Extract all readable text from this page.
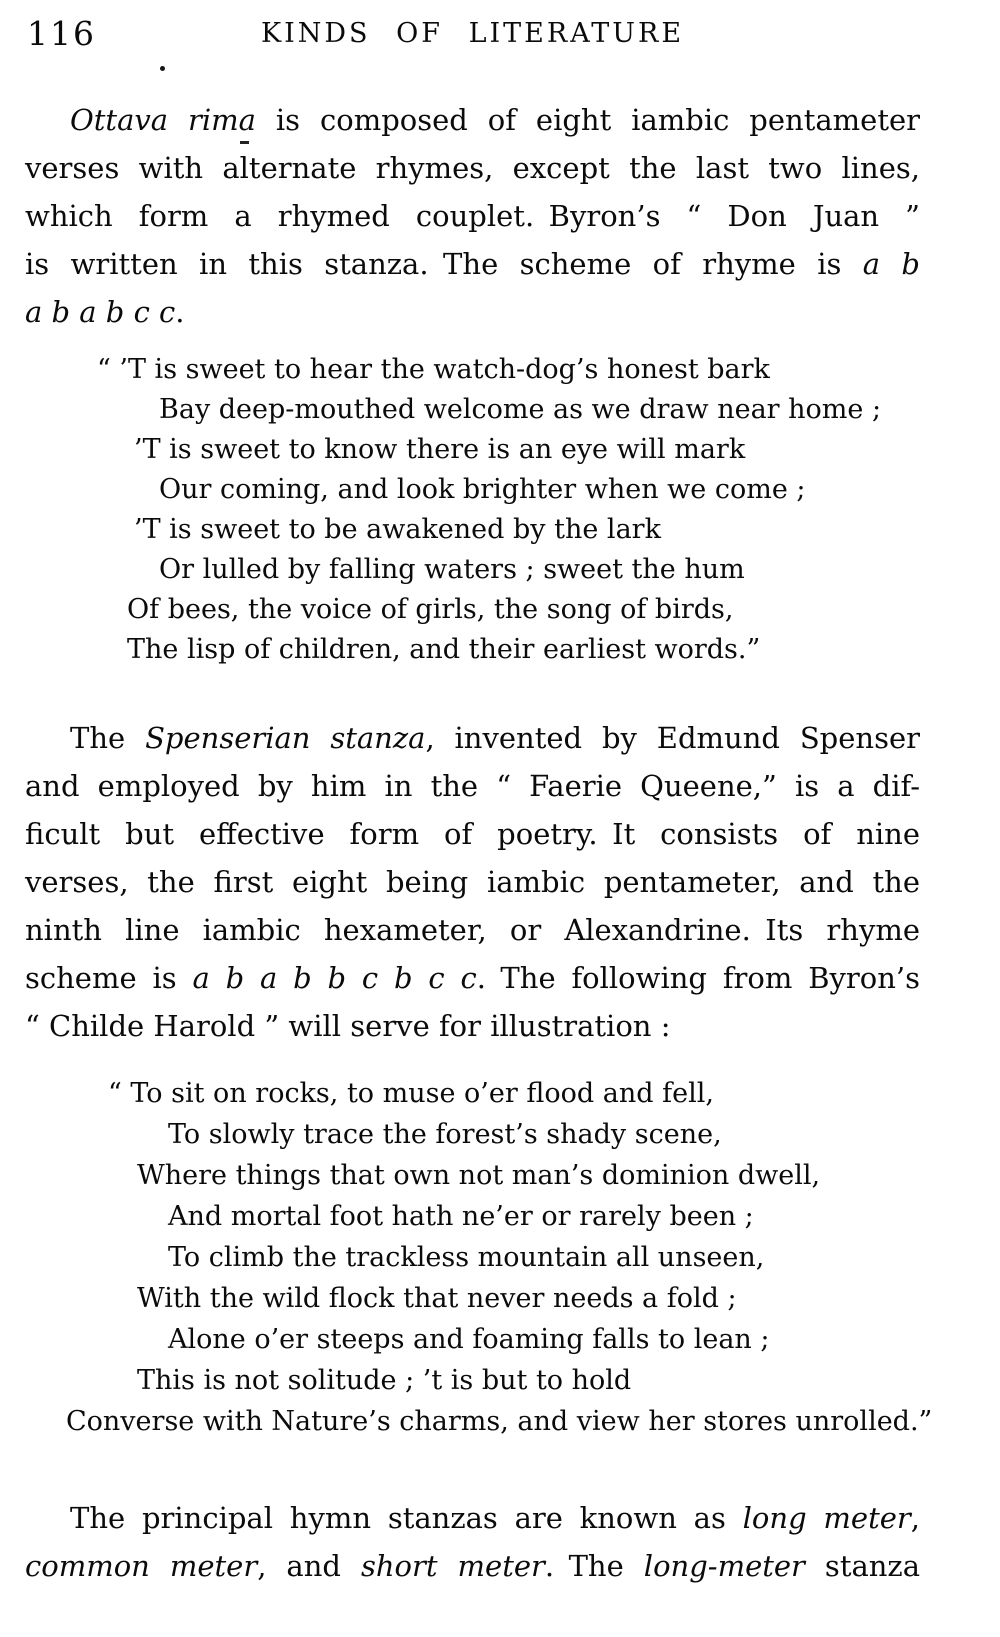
116	KINDS OF LITERATURE
Ottava rima is composed of eight iambic pentameter
verses with alternate rhymes, except the last two lines,
which form a rhymed couplet. Byron’s “ Don Juan ”
is written in this stanza. The scheme of rhyme is a b
a b a b c c.
“ ’T is sweet to hear the watch-dog’s honest bark
Bay deep-mouthed welcome as we draw near home ;
’T is sweet to know there is an eye will mark
Our coming, and look brighter when we come ;
’T is sweet to be awakened by the lark
Or lulled by falling waters ; sweet the hum
Of bees, the voice of girls, the song of birds,
The lisp of children, and their earliest words.”
The Spenserian stanza, invented by Edmund Spenser
and employed by him in the “ Faerie Queene,” is a dif-
ficult but effective form of poetry. It consists of nine
verses, the first eight being iambic pentameter, and the
ninth line iambic hexameter, or Alexandrine. Its rhyme
scheme is a b a b b c b c c. The following from Byron’s
“ Childe Harold ” will serve for illustration :
“ To sit on rocks, to muse o’er flood and fell,
To slowly trace the forest’s shady scene,
Where things that own not man’s dominion dwell,
And mortal foot hath ne’er or rarely been ;
To climb the trackless mountain all unseen,
With the wild flock that never needs a fold ;
Alone o’er steeps and foaming falls to lean ;
This is not solitude ; ’t is but to hold
Converse with Nature’s charms, and view her stores unrolled.”
The principal hymn stanzas are known as long meter,
common meter, and short meter. The long-meter stanza
